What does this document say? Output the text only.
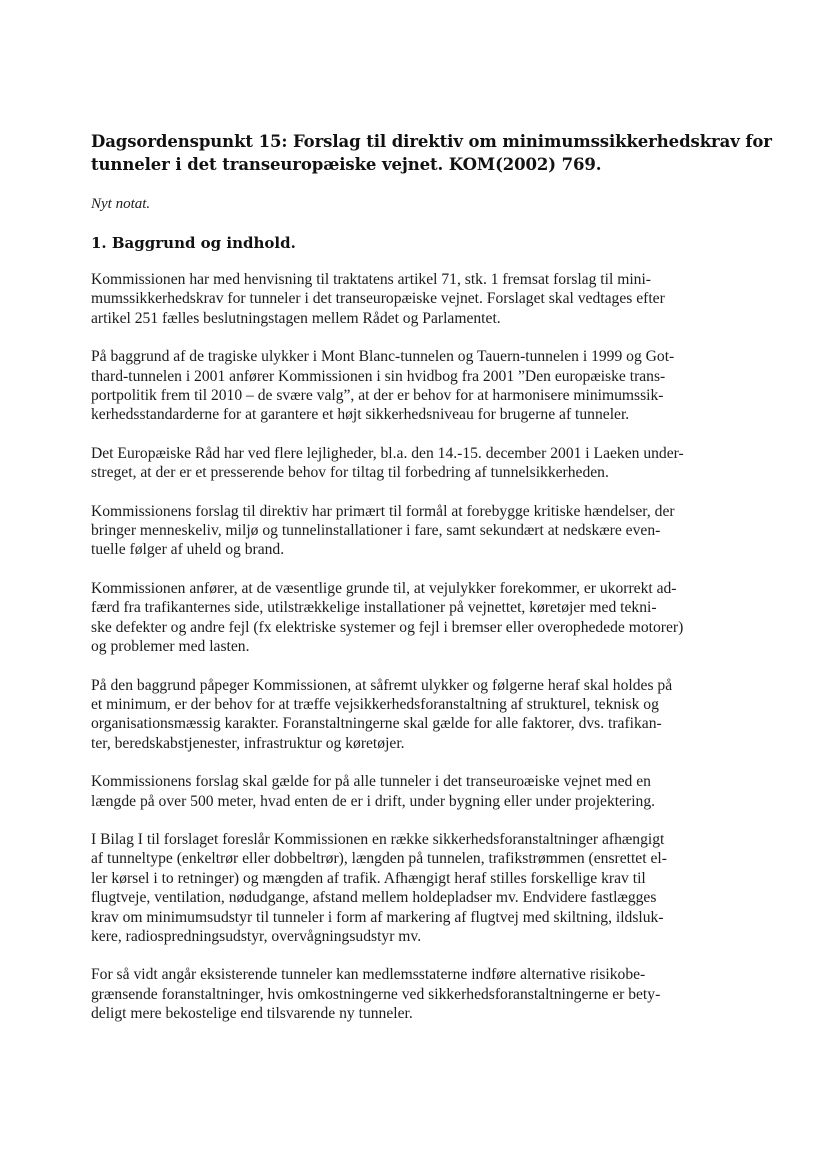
Dagsordenspunkt 15: Forslag til direktiv om minimumssikkerhedskrav for
tunneler i det transeuropæiske vejnet. KOM(2002) 769.

Nyt notat.

1. Baggrund og indhold.

Kommissionen har med henvisning til traktatens artikel 71, stk. 1 fremsat forslag til mini-
mumssikkerhedskrav for tunneler i det transeuropæiske vejnet. Forslaget skal vedtages efter
artikel 251 fælles beslutningstagen mellem Rådet og Parlamentet.

På baggrund af de tragiske ulykker i Mont Blanc-tunnelen og Tauern-tunnelen i 1999 og Got-
thard-tunnelen i 2001 anfører Kommissionen i sin hvidbog fra 2001 ”Den europæiske trans-
portpolitik frem til 2010 – de svære valg”, at der er behov for at harmonisere minimumssik-
kerhedsstandarderne for at garantere et højt sikkerhedsniveau for brugerne af tunneler.

Det Europæiske Råd har ved flere lejligheder, bl.a. den 14.-15. december 2001 i Laeken under-
streget, at der er et presserende behov for tiltag til forbedring af tunnelsikkerheden.

Kommissionens forslag til direktiv har primært til formål at forebygge kritiske hændelser, der
bringer menneskeliv, miljø og tunnelinstallationer i fare, samt sekundært at nedskære even-
tuelle følger af uheld og brand.

Kommissionen anfører, at de væsentlige grunde til, at vejulykker forekommer, er ukorrekt ad-
færd fra trafikanternes side, utilstrækkelige installationer på vejnettet, køretøjer med tekni-
ske defekter og andre fejl (fx elektriske systemer og fejl i bremser eller overophedede motorer)
og problemer med lasten.

På den baggrund påpeger Kommissionen, at såfremt ulykker og følgerne heraf skal holdes på
et minimum, er der behov for at træffe vejsikkerhedsforanstaltning af strukturel, teknisk og
organisationsmæssig karakter. Foranstaltningerne skal gælde for alle faktorer, dvs. trafikan-
ter, beredskabstjenester, infrastruktur og køretøjer.

Kommissionens forslag skal gælde for på alle tunneler i det transeuroæiske vejnet med en
længde på over 500 meter, hvad enten de er i drift, under bygning eller under projektering.

I Bilag I til forslaget foreslår Kommissionen en række sikkerhedsforanstaltninger afhængigt
af tunneltype (enkeltrør eller dobbeltrør), længden på tunnelen, trafikstrømmen (ensrettet el-
ler kørsel i to retninger) og mængden af trafik. Afhængigt heraf stilles forskellige krav til
flugtveje, ventilation, nødudgange, afstand mellem holdepladser mv. Endvidere fastlægges
krav om minimumsudstyr til tunneler i form af markering af flugtvej med skiltning, ildsluk-
kere, radiospredningsudstyr, overvågningsudstyr mv.

For så vidt angår eksisterende tunneler kan medlemsstaterne indføre alternative risikobe-
grænsende foranstaltninger, hvis omkostningerne ved sikkerhedsforanstaltningerne er bety-
deligt mere bekostelige end tilsvarende ny tunneler.
